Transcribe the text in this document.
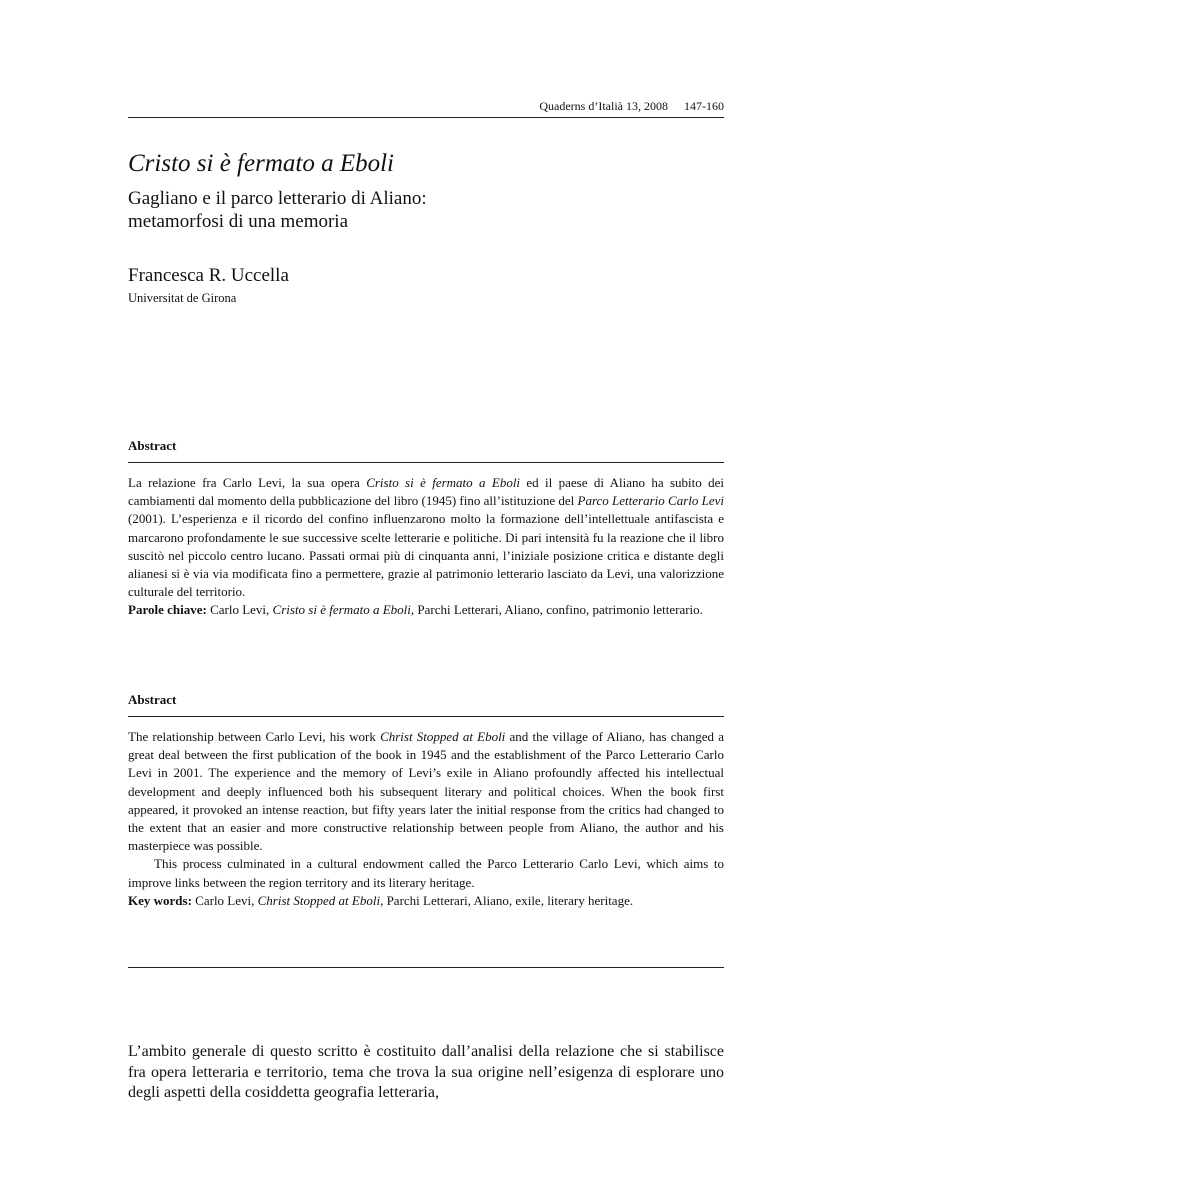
Quaderns d’Italià 13, 2008 147-160
Cristo si è fermato a Eboli
Gagliano e il parco letterario di Aliano:
metamorfosi di una memoria
Francesca R. Uccella
Universitat de Girona
Abstract

La relazione fra Carlo Levi, la sua opera Cristo si è fermato a Eboli ed il paese di Aliano ha subito dei cambiamenti dal momento della pubblicazione del libro (1945) fino all’istituzione del Parco Letterario Carlo Levi (2001). L’esperienza e il ricordo del confino influenzarono molto la formazione dell’intellettuale antifascista e marcarono profondamente le sue successive scelte letterarie e politiche. Di pari intensità fu la reazione che il libro suscitò nel piccolo centro lucano. Passati ormai più di cinquanta anni, l’iniziale posizione critica e distante degli alianesi si è via via modificata fino a permettere, grazie al patrimonio letterario lasciato da Levi, una valorizzione culturale del territorio.

Parole chiave: Carlo Levi, Cristo si è fermato a Eboli, Parchi Letterari, Aliano, confino, patrimonio letterario.

Abstract

The relationship between Carlo Levi, his work Christ Stopped at Eboli and the village of Aliano, has changed a great deal between the first publication of the book in 1945 and the establishment of the Parco Letterario Carlo Levi in 2001. The experience and the memory of Levi’s exile in Aliano profoundly affected his intellectual development and deeply influenced both his subsequent literary and political choices. When the book first appeared, it provoked an intense reaction, but fifty years later the initial response from the critics had changed to the extent that an easier and more constructive relationship between people from Aliano, the author and his masterpiece was possible.

This process culminated in a cultural endowment called the Parco Letterario Carlo Levi, which aims to improve links between the region territory and its literary heritage.

Key words: Carlo Levi, Christ Stopped at Eboli, Parchi Letterari, Aliano, exile, literary heritage.

L’ambito generale di questo scritto è costituito dall’analisi della relazione che si stabilisce fra opera letteraria e territorio, tema che trova la sua origine nell’esigenza di esplorare uno degli aspetti della cosiddetta geografia letteraria,
